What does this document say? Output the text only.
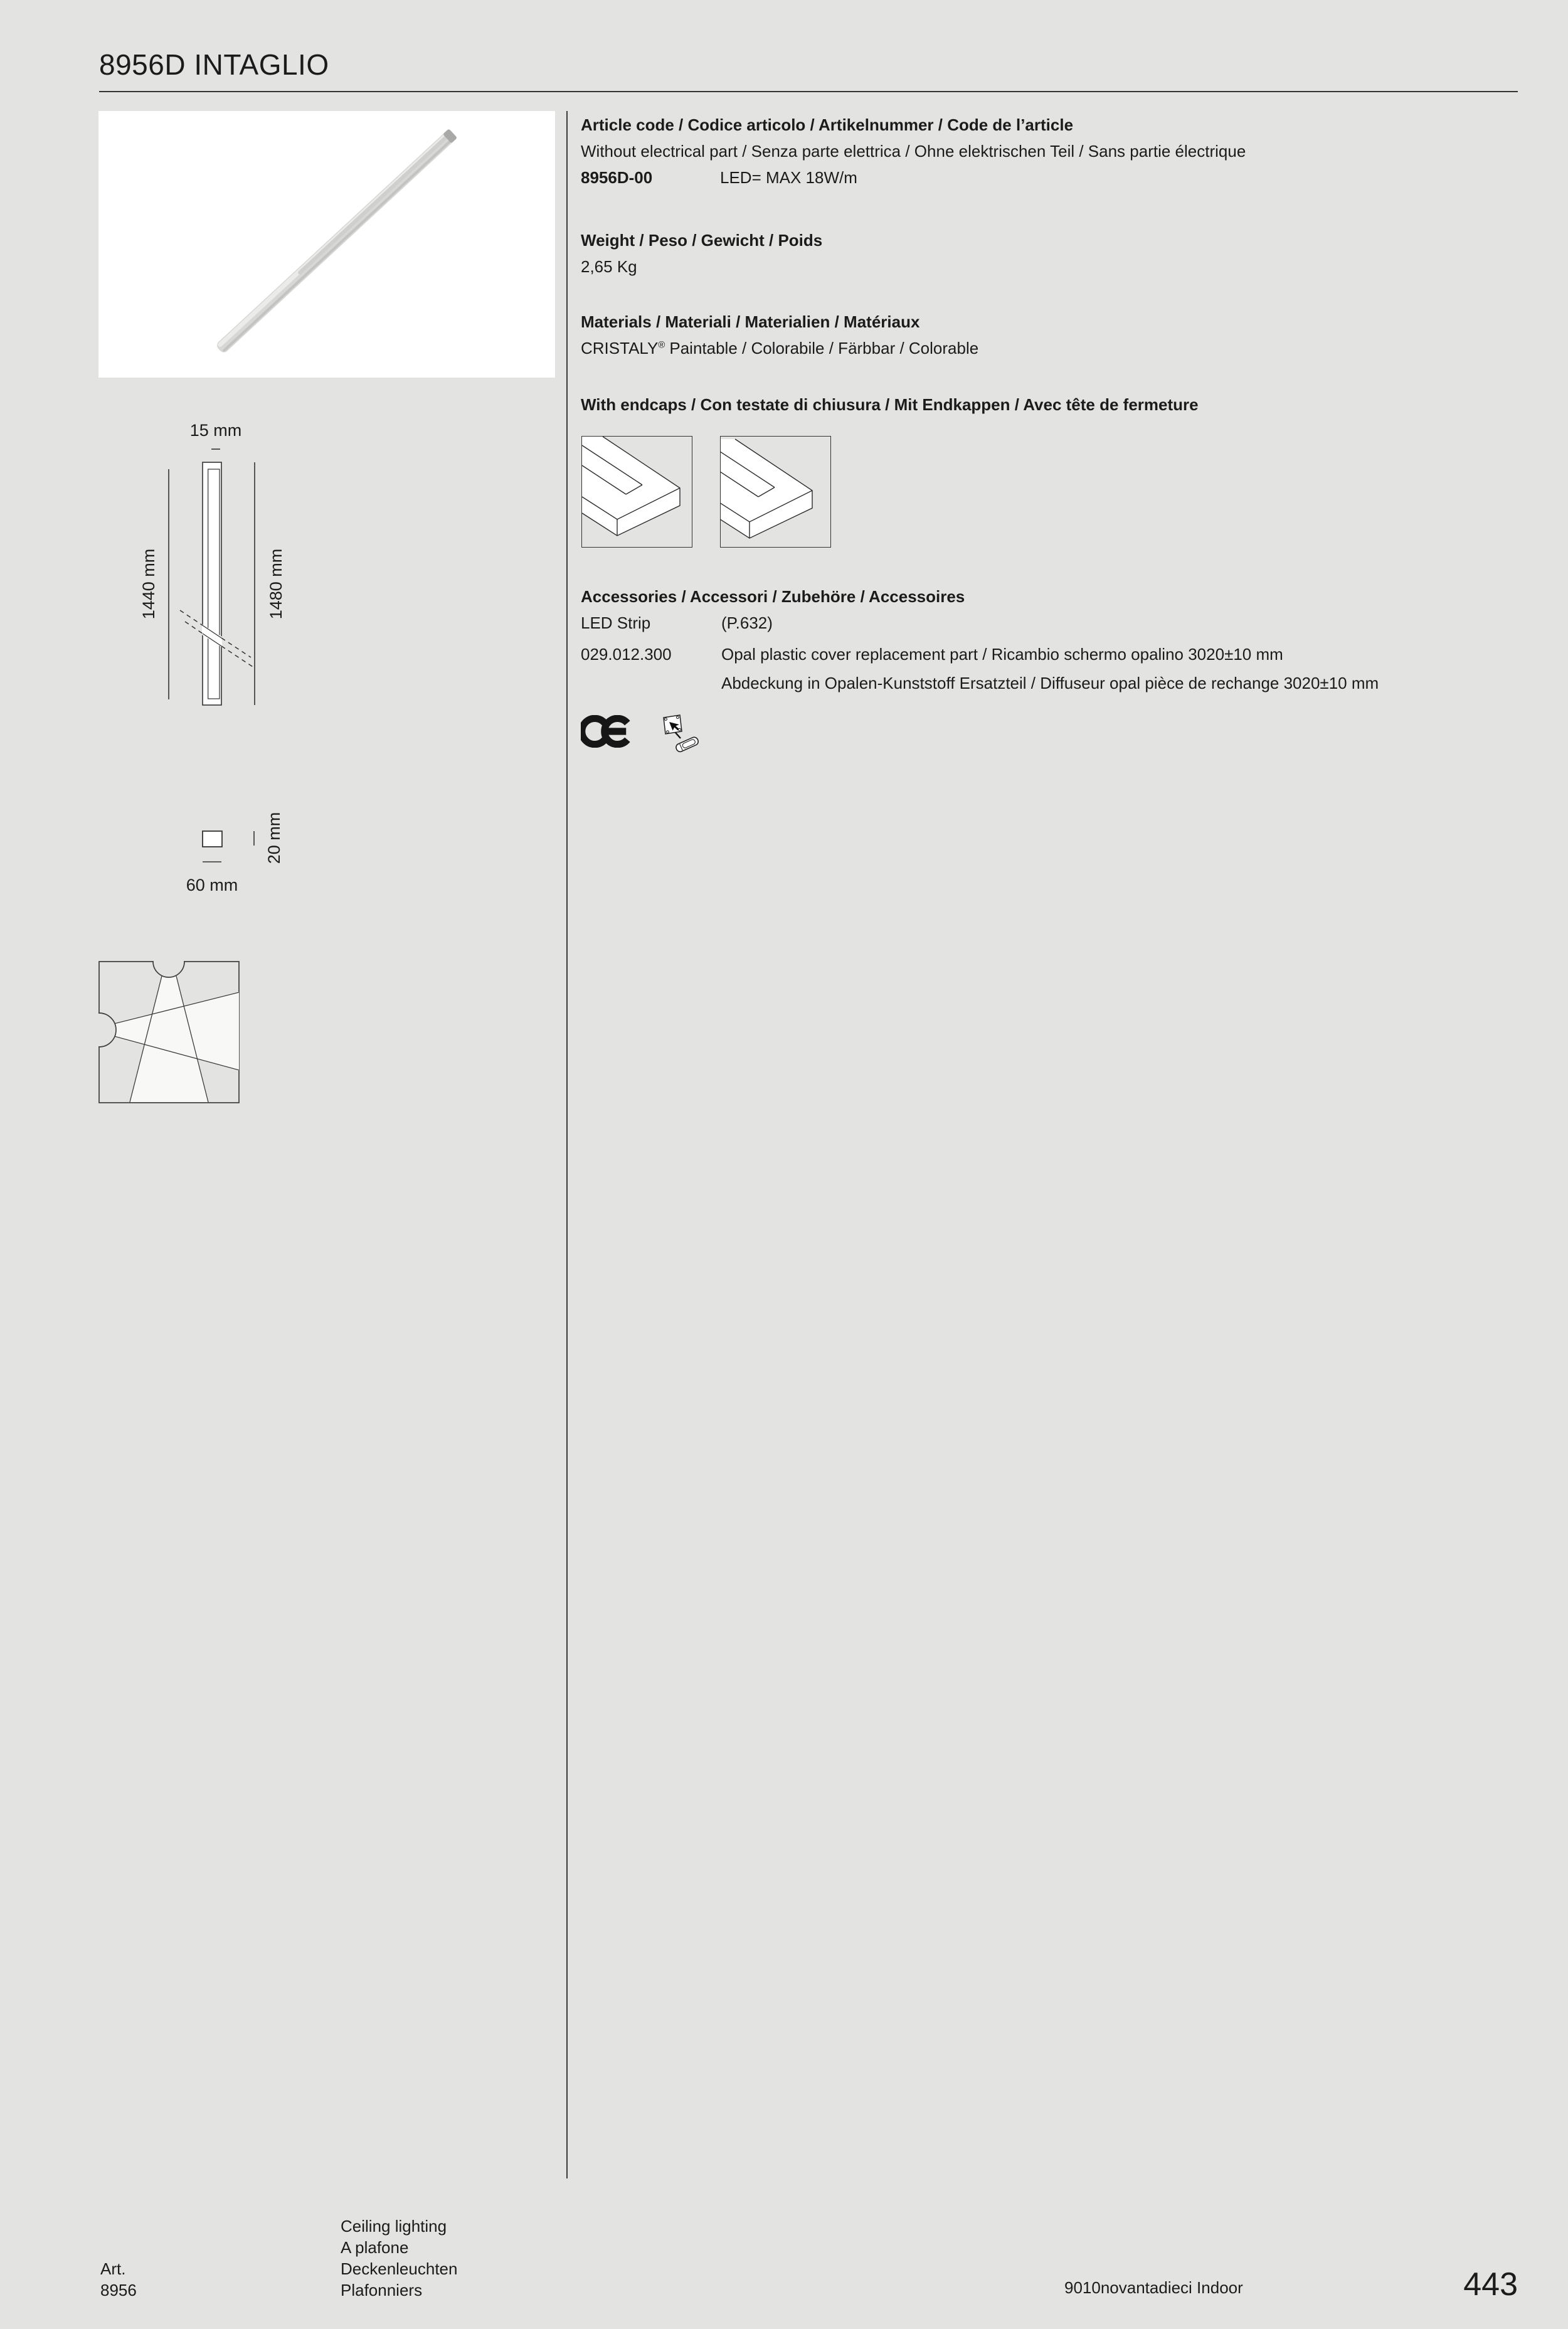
8956D INTAGLIO
Article code / Codice articolo / Artikelnummer / Code de l’article
Without electrical part / Senza parte elettrica / Ohne elektrischen Teil / Sans partie électrique
8956D-00	LED= MAX 18W/m
Weight / Peso / Gewicht / Poids
2,65 Kg
Materials / Materiali / Materialien / Matériaux
CRISTALY® Paintable / Colorabile / Färbbar / Colorable
With endcaps / Con testate di chiusura / Mit Endkappen / Avec tête de fermeture
Accessories / Accessori / Zubehöre / Accessoires
LED Strip	(P.632)
029.012.300	Opal plastic cover replacement part / Ricambio schermo opalino 3020±10 mm
Abdeckung in Opalen-Kunststoff Ersatzteil / Diffuseur opal pièce de rechange 3020±10 mm
15 mm
1440 mm	1480 mm
60 mm
20 mm
Art.
8956
Ceiling lighting
A plafone
Deckenleuchten
Plafonniers	9010novantadieci Indoor	443
